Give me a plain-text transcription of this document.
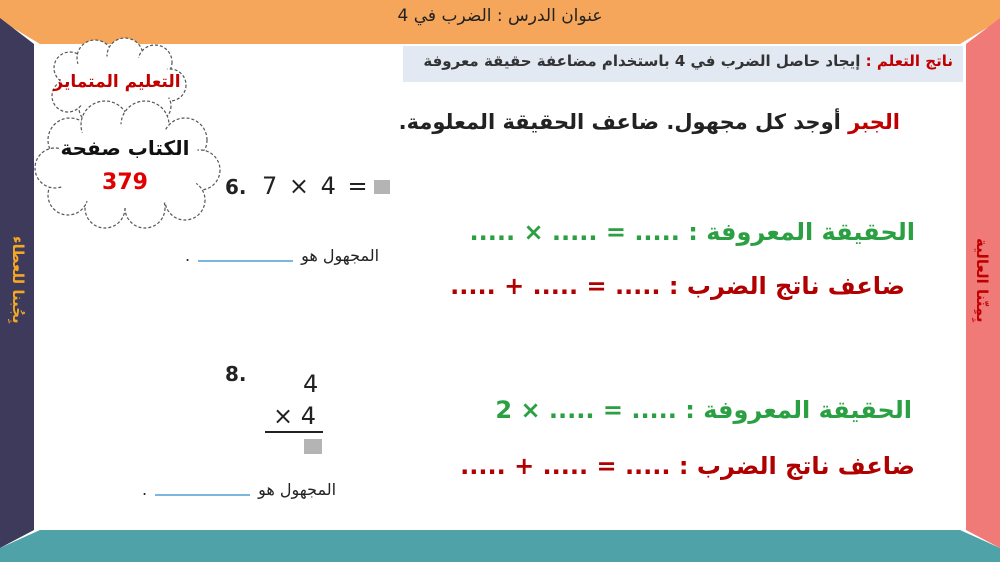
عنوان الدرس : الضرب في 4
ناتج التعلم : إيجاد حاصل الضرب في 4 باستخدام مضاعفة حقيقة معروفة
بِجُبنا للعطاء	بِمِنّنا العالية
التعليم المتمايز
الكتاب صفحة
379
الجبر أوجد كل مجهول. ضاعف الحقيقة المعلومة.
6. 7 × 4 =
المجهول هو
.
الحقيقة المعروفة : ..... = ..... × .....
ضاعف ناتج الضرب : ..... = ..... + .....
8. 4
× 4
المجهول هو
.
الحقيقة المعروفة : ..... = ..... × 2
ضاعف ناتج الضرب : ..... = ..... + .....
